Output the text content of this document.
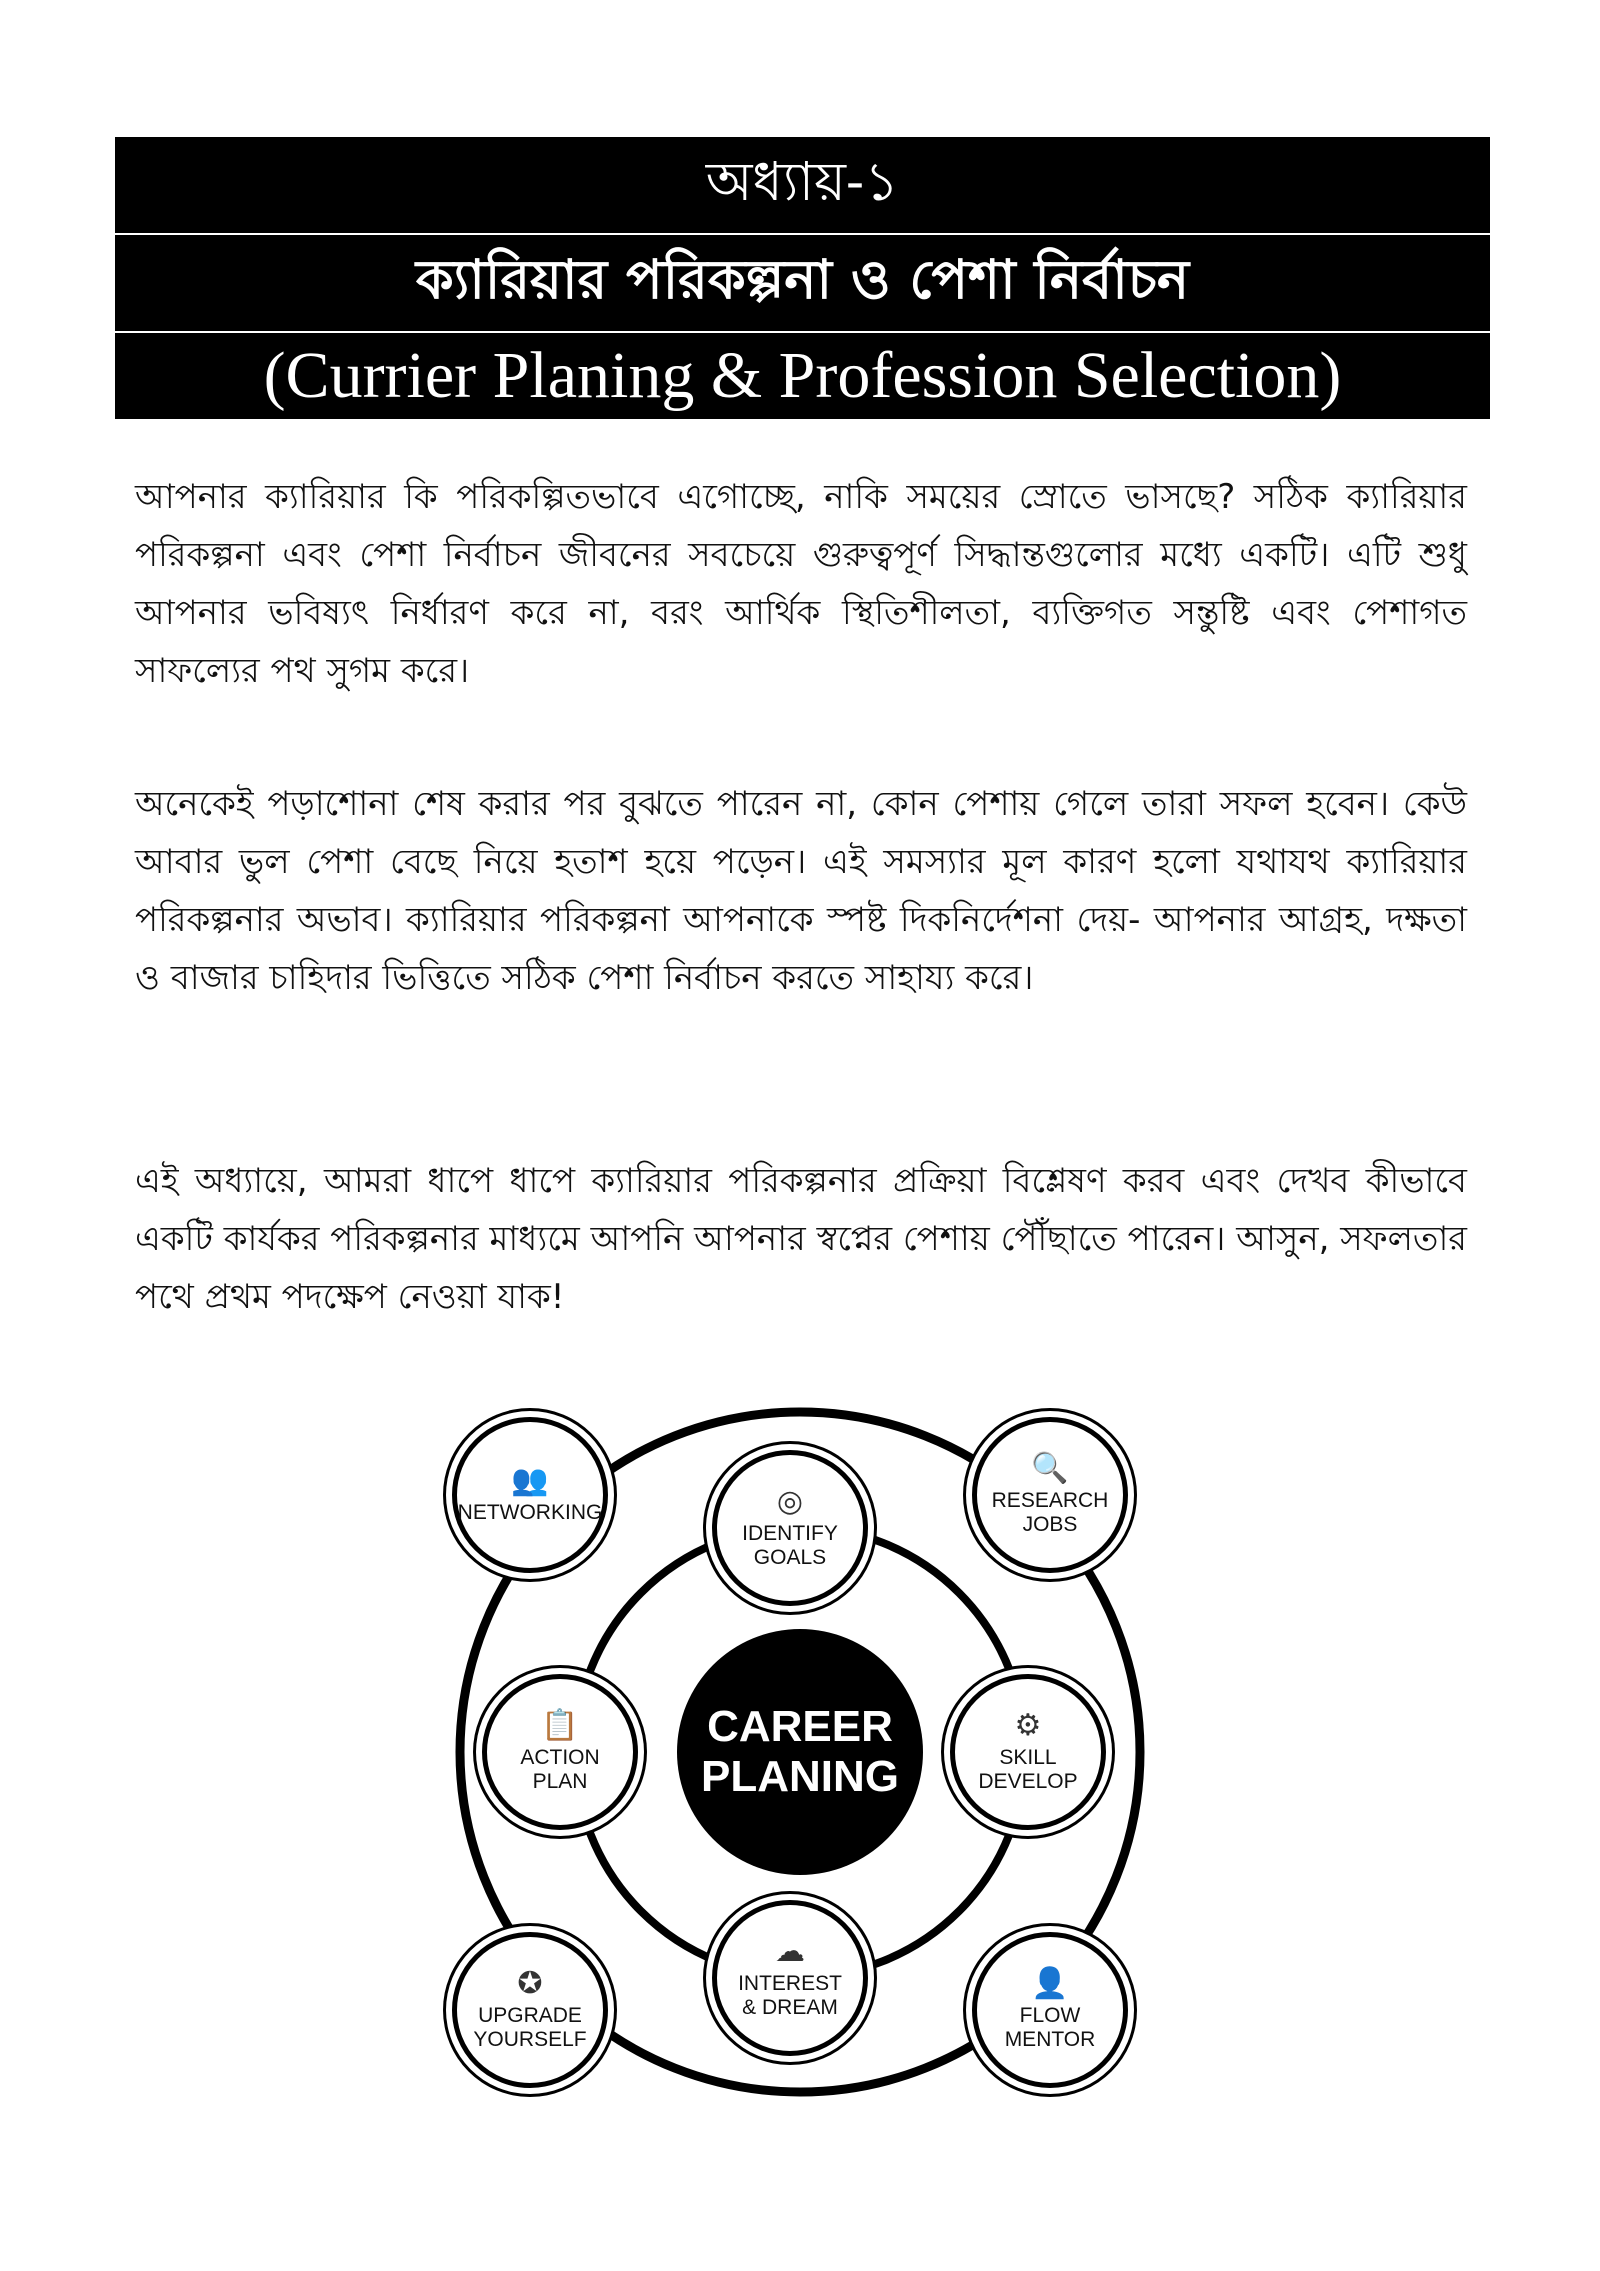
অধ্যায়-১
ক্যারিয়ার পরিকল্পনা ও পেশা নির্বাচন
(Currier Planing & Profession Selection)

আপনার ক্যারিয়ার কি পরিকল্পিতভাবে এগোচ্ছে, নাকি সময়ের স্রোতে ভাসছে? সঠিক ক্যারিয়ার পরিকল্পনা এবং পেশা নির্বাচন জীবনের সবচেয়ে গুরুত্বপূর্ণ সিদ্ধান্তগুলোর মধ্যে একটি। এটি শুধু আপনার ভবিষ্যৎ নির্ধারণ করে না, বরং আর্থিক স্থিতিশীলতা, ব্যক্তিগত সন্তুষ্টি এবং পেশাগত সাফল্যের পথ সুগম করে।

অনেকেই পড়াশোনা শেষ করার পর বুঝতে পারেন না, কোন পেশায় গেলে তারা সফল হবেন। কেউ আবার ভুল পেশা বেছে নিয়ে হতাশ হয়ে পড়েন। এই সমস্যার মূল কারণ হলো যথাযথ ক্যারিয়ার পরিকল্পনার অভাব। ক্যারিয়ার পরিকল্পনা আপনাকে স্পষ্ট দিকনির্দেশনা দেয়- আপনার আগ্রহ, দক্ষতা ও বাজার চাহিদার ভিত্তিতে সঠিক পেশা নির্বাচন করতে সাহায্য করে।

এই অধ্যায়ে, আমরা ধাপে ধাপে ক্যারিয়ার পরিকল্পনার প্রক্রিয়া বিশ্লেষণ করব এবং দেখব কীভাবে একটি কার্যকর পরিকল্পনার মাধ্যমে আপনি আপনার স্বপ্নের পেশায় পৌঁছাতে পারেন। আসুন, সফলতার পথে প্রথম পদক্ষেপ নেওয়া যাক!

CAREER
PLANING
👥
NETWORKING	◎
IDENTIFY
GOALS
🔍
RESEARCH
JOBS
📋
ACTION
PLAN
⚙
SKILL
DEVELOP
✪
UPGRADE
YOURSELF
☁
INTEREST
& DREAM
👤
FLOW
MENTOR
